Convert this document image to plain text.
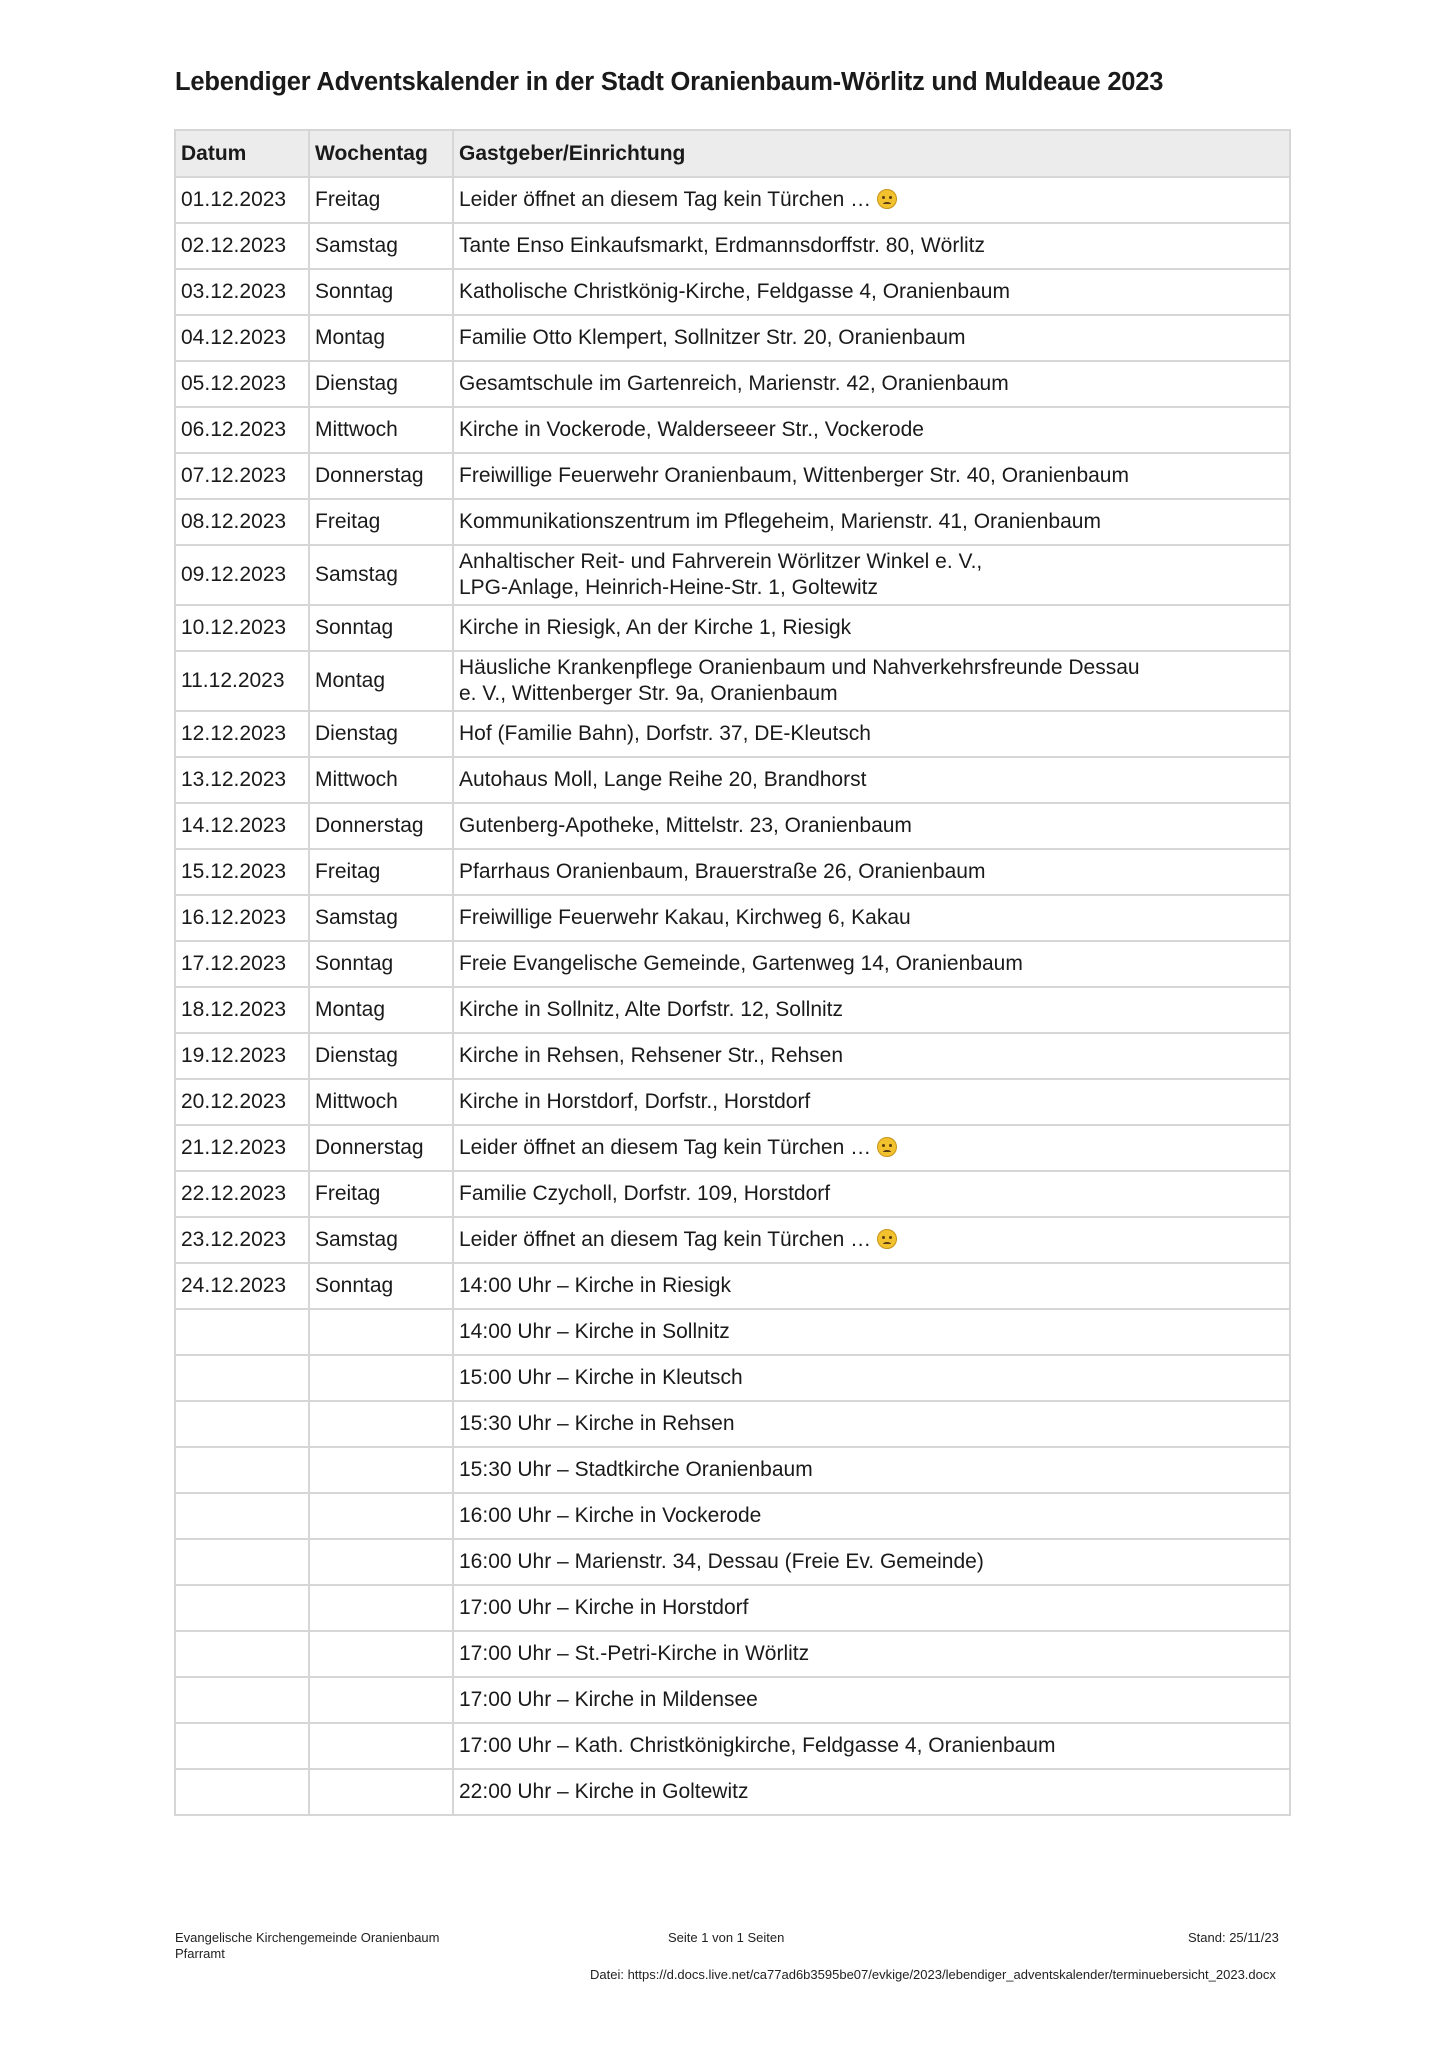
Lebendiger Adventskalender in der Stadt Oranienbaum-Wörlitz und Muldeaue 2023
Datum	Wochentag	Gastgeber/Einrichtung
01.12.2023	Freitag	Leider öffnet an diesem Tag kein Türchen …
02.12.2023	Samstag	Tante Enso Einkaufsmarkt, Erdmannsdorffstr. 80, Wörlitz
03.12.2023	Sonntag	Katholische Christkönig-Kirche, Feldgasse 4, Oranienbaum
04.12.2023	Montag	Familie Otto Klempert, Sollnitzer Str. 20, Oranienbaum
05.12.2023	Dienstag	Gesamtschule im Gartenreich, Marienstr. 42, Oranienbaum
06.12.2023	Mittwoch	Kirche in Vockerode, Walderseeer Str., Vockerode
07.12.2023	Donnerstag	Freiwillige Feuerwehr Oranienbaum, Wittenberger Str. 40, Oranienbaum
08.12.2023	Freitag	Kommunikationszentrum im Pflegeheim, Marienstr. 41, Oranienbaum
09.12.2023	Samstag	Anhaltischer Reit- und Fahrverein Wörlitzer Winkel e. V.,
LPG-Anlage, Heinrich-Heine-Str. 1, Goltewitz
10.12.2023	Sonntag	Kirche in Riesigk, An der Kirche 1, Riesigk
11.12.2023	Montag	Häusliche Krankenpflege Oranienbaum und Nahverkehrsfreunde Dessau
e. V., Wittenberger Str. 9a, Oranienbaum
12.12.2023	Dienstag	Hof (Familie Bahn), Dorfstr. 37, DE-Kleutsch
13.12.2023	Mittwoch	Autohaus Moll, Lange Reihe 20, Brandhorst
14.12.2023	Donnerstag	Gutenberg-Apotheke, Mittelstr. 23, Oranienbaum
15.12.2023	Freitag	Pfarrhaus Oranienbaum, Brauerstraße 26, Oranienbaum
16.12.2023	Samstag	Freiwillige Feuerwehr Kakau, Kirchweg 6, Kakau
17.12.2023	Sonntag	Freie Evangelische Gemeinde, Gartenweg 14, Oranienbaum
18.12.2023	Montag	Kirche in Sollnitz, Alte Dorfstr. 12, Sollnitz
19.12.2023	Dienstag	Kirche in Rehsen, Rehsener Str., Rehsen
20.12.2023	Mittwoch	Kirche in Horstdorf, Dorfstr., Horstdorf
21.12.2023	Donnerstag	Leider öffnet an diesem Tag kein Türchen …
22.12.2023	Freitag	Familie Czycholl, Dorfstr. 109, Horstdorf
23.12.2023	Samstag	Leider öffnet an diesem Tag kein Türchen …
24.12.2023	Sonntag	14:00 Uhr – Kirche in Riesigk
		14:00 Uhr – Kirche in Sollnitz
		15:00 Uhr – Kirche in Kleutsch
		15:30 Uhr – Kirche in Rehsen
		15:30 Uhr – Stadtkirche Oranienbaum
		16:00 Uhr – Kirche in Vockerode
		16:00 Uhr – Marienstr. 34, Dessau (Freie Ev. Gemeinde)
		17:00 Uhr – Kirche in Horstdorf
		17:00 Uhr – St.-Petri-Kirche in Wörlitz
		17:00 Uhr – Kirche in Mildensee
		17:00 Uhr – Kath. Christkönigkirche, Feldgasse 4, Oranienbaum
		22:00 Uhr – Kirche in Goltewitz
Evangelische Kirchengemeinde Oranienbaum
Pfarramt
Seite 1 von 1 Seiten	Stand: 25/11/23
Datei: https://d.docs.live.net/ca77ad6b3595be07/evkige/2023/lebendiger_adventskalender/terminuebersicht_2023.docx
